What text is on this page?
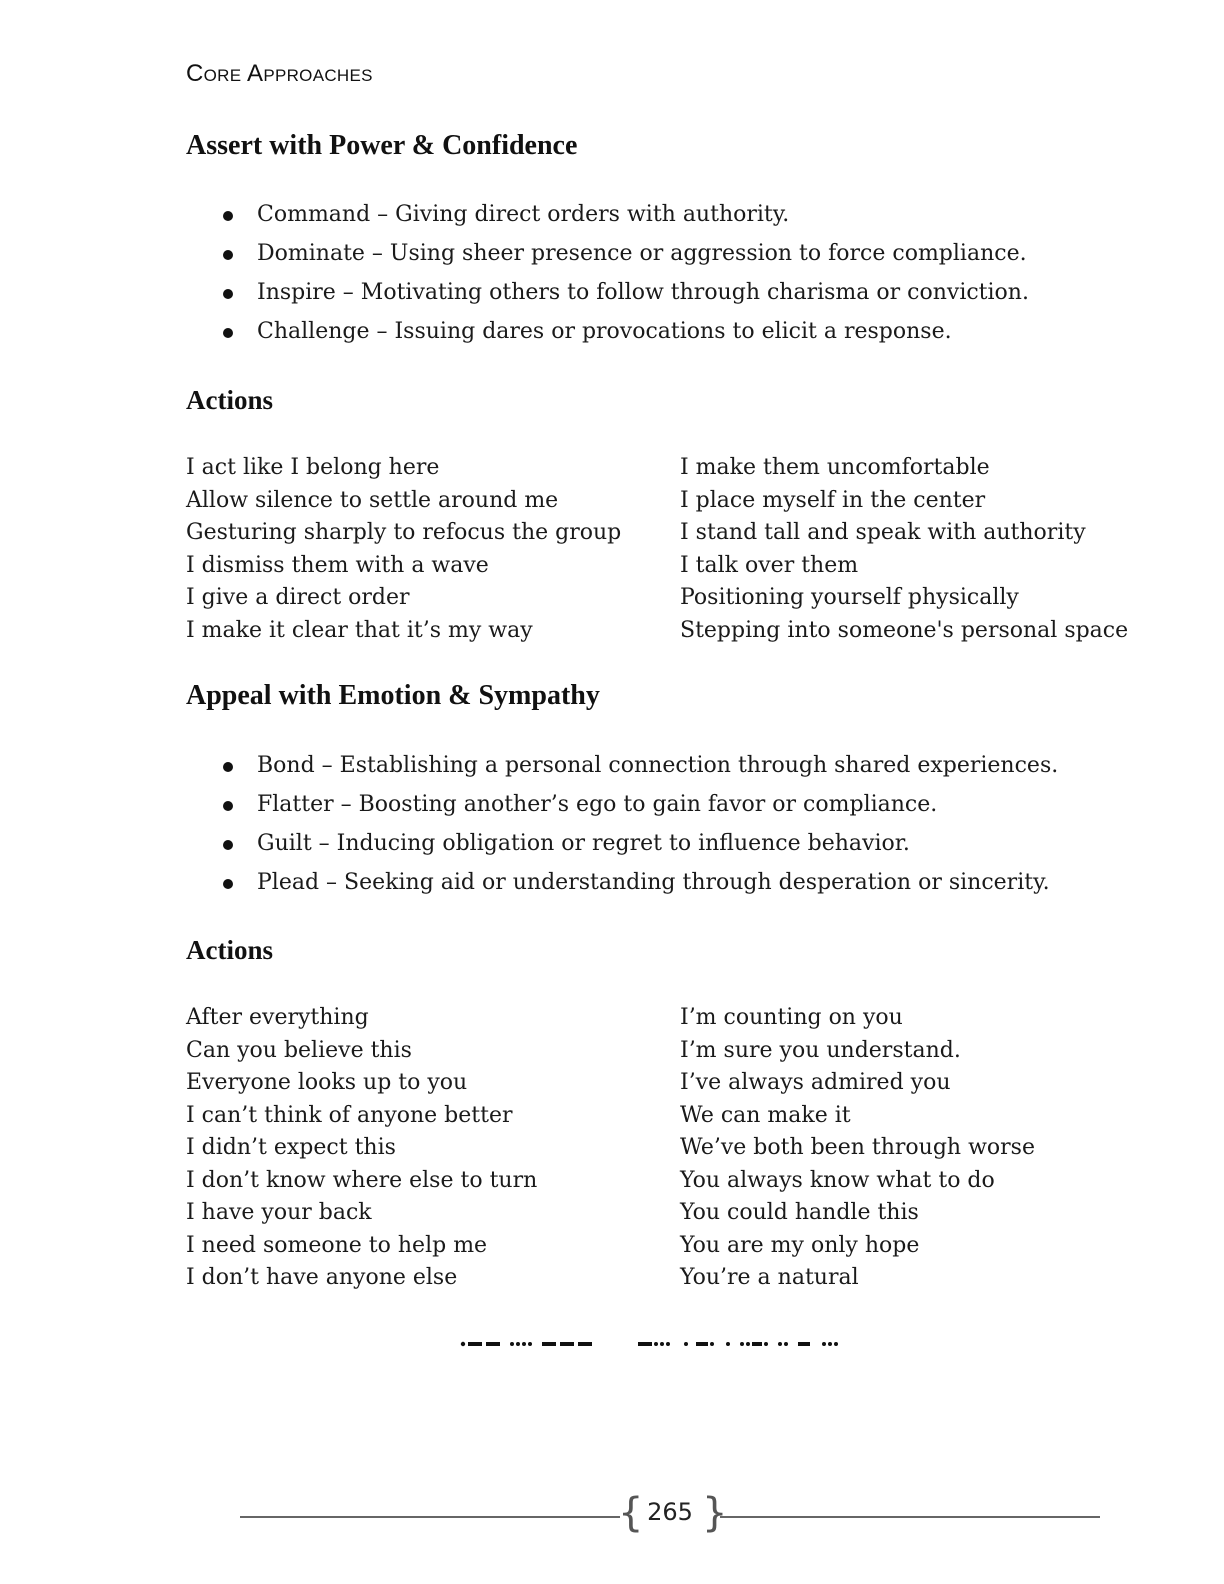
Core Approaches
Assert with Power & Confidence
Command – Giving direct orders with authority.
Dominate – Using sheer presence or aggression to force compliance.
Inspire – Motivating others to follow through charisma or conviction.
Challenge – Issuing dares or provocations to elicit a response.
Actions
I act like I belong here
Allow silence to settle around me
Gesturing sharply to refocus the group
I dismiss them with a wave
I give a direct order
I make it clear that it’s my way
I make them uncomfortable
I place myself in the center
I stand tall and speak with authority
I talk over them
Positioning yourself physically
Stepping into someone's personal space
Appeal with Emotion & Sympathy
Bond – Establishing a personal connection through shared experiences.
Flatter – Boosting another’s ego to gain favor or compliance.
Guilt – Inducing obligation or regret to influence behavior.
Plead – Seeking aid or understanding through desperation or sincerity.
Actions
After everything
Can you believe this
Everyone looks up to you
I can’t think of anyone better
I didn’t expect this
I don’t know where else to turn
I have your back
I need someone to help me
I don’t have anyone else
I’m counting on you
I’m sure you understand.
I’ve always admired you
We can make it
We’ve both been through worse
You always know what to do
You could handle this
You are my only hope
You’re a natural
{ 265 }
